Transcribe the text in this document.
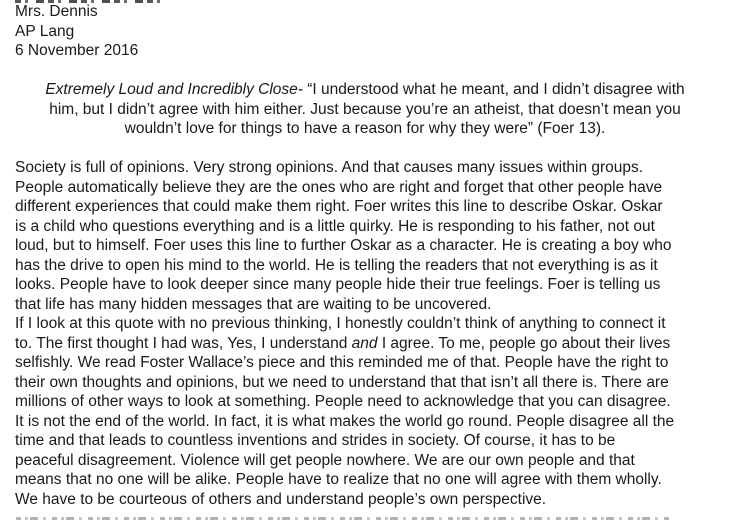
Mrs. Dennis
AP Lang
6 November 2016
Extremely Loud and Incredibly Close- “I understood what he meant, and I didn’t disagree with
him, but I didn’t agree with him either. Just because you’re an atheist, that doesn’t mean you
wouldn’t love for things to have a reason for why they were” (Foer 13).
Society is full of opinions. Very strong opinions. And that causes many issues within groups.
People automatically believe they are the ones who are right and forget that other people have
different experiences that could make them right. Foer writes this line to describe Oskar. Oskar
is a child who questions everything and is a little quirky. He is responding to his father, not out
loud, but to himself. Foer uses this line to further Oskar as a character. He is creating a boy who
has the drive to open his mind to the world. He is telling the readers that not everything is as it
looks. People have to look deeper since many people hide their true feelings. Foer is telling us
that life has many hidden messages that are waiting to be uncovered.
If I look at this quote with no previous thinking, I honestly couldn’t think of anything to connect it
to. The first thought I had was, Yes, I understand and I agree. To me, people go about their lives
selfishly. We read Foster Wallace’s piece and this reminded me of that. People have the right to
their own thoughts and opinions, but we need to understand that that isn’t all there is. There are
millions of other ways to look at something. People need to acknowledge that you can disagree.
It is not the end of the world. In fact, it is what makes the world go round. People disagree all the
time and that leads to countless inventions and strides in society. Of course, it has to be
peaceful disagreement. Violence will get people nowhere. We are our own people and that
means that no one will be alike. People have to realize that no one will agree with them wholly.
We have to be courteous of others and understand people’s own perspective.
